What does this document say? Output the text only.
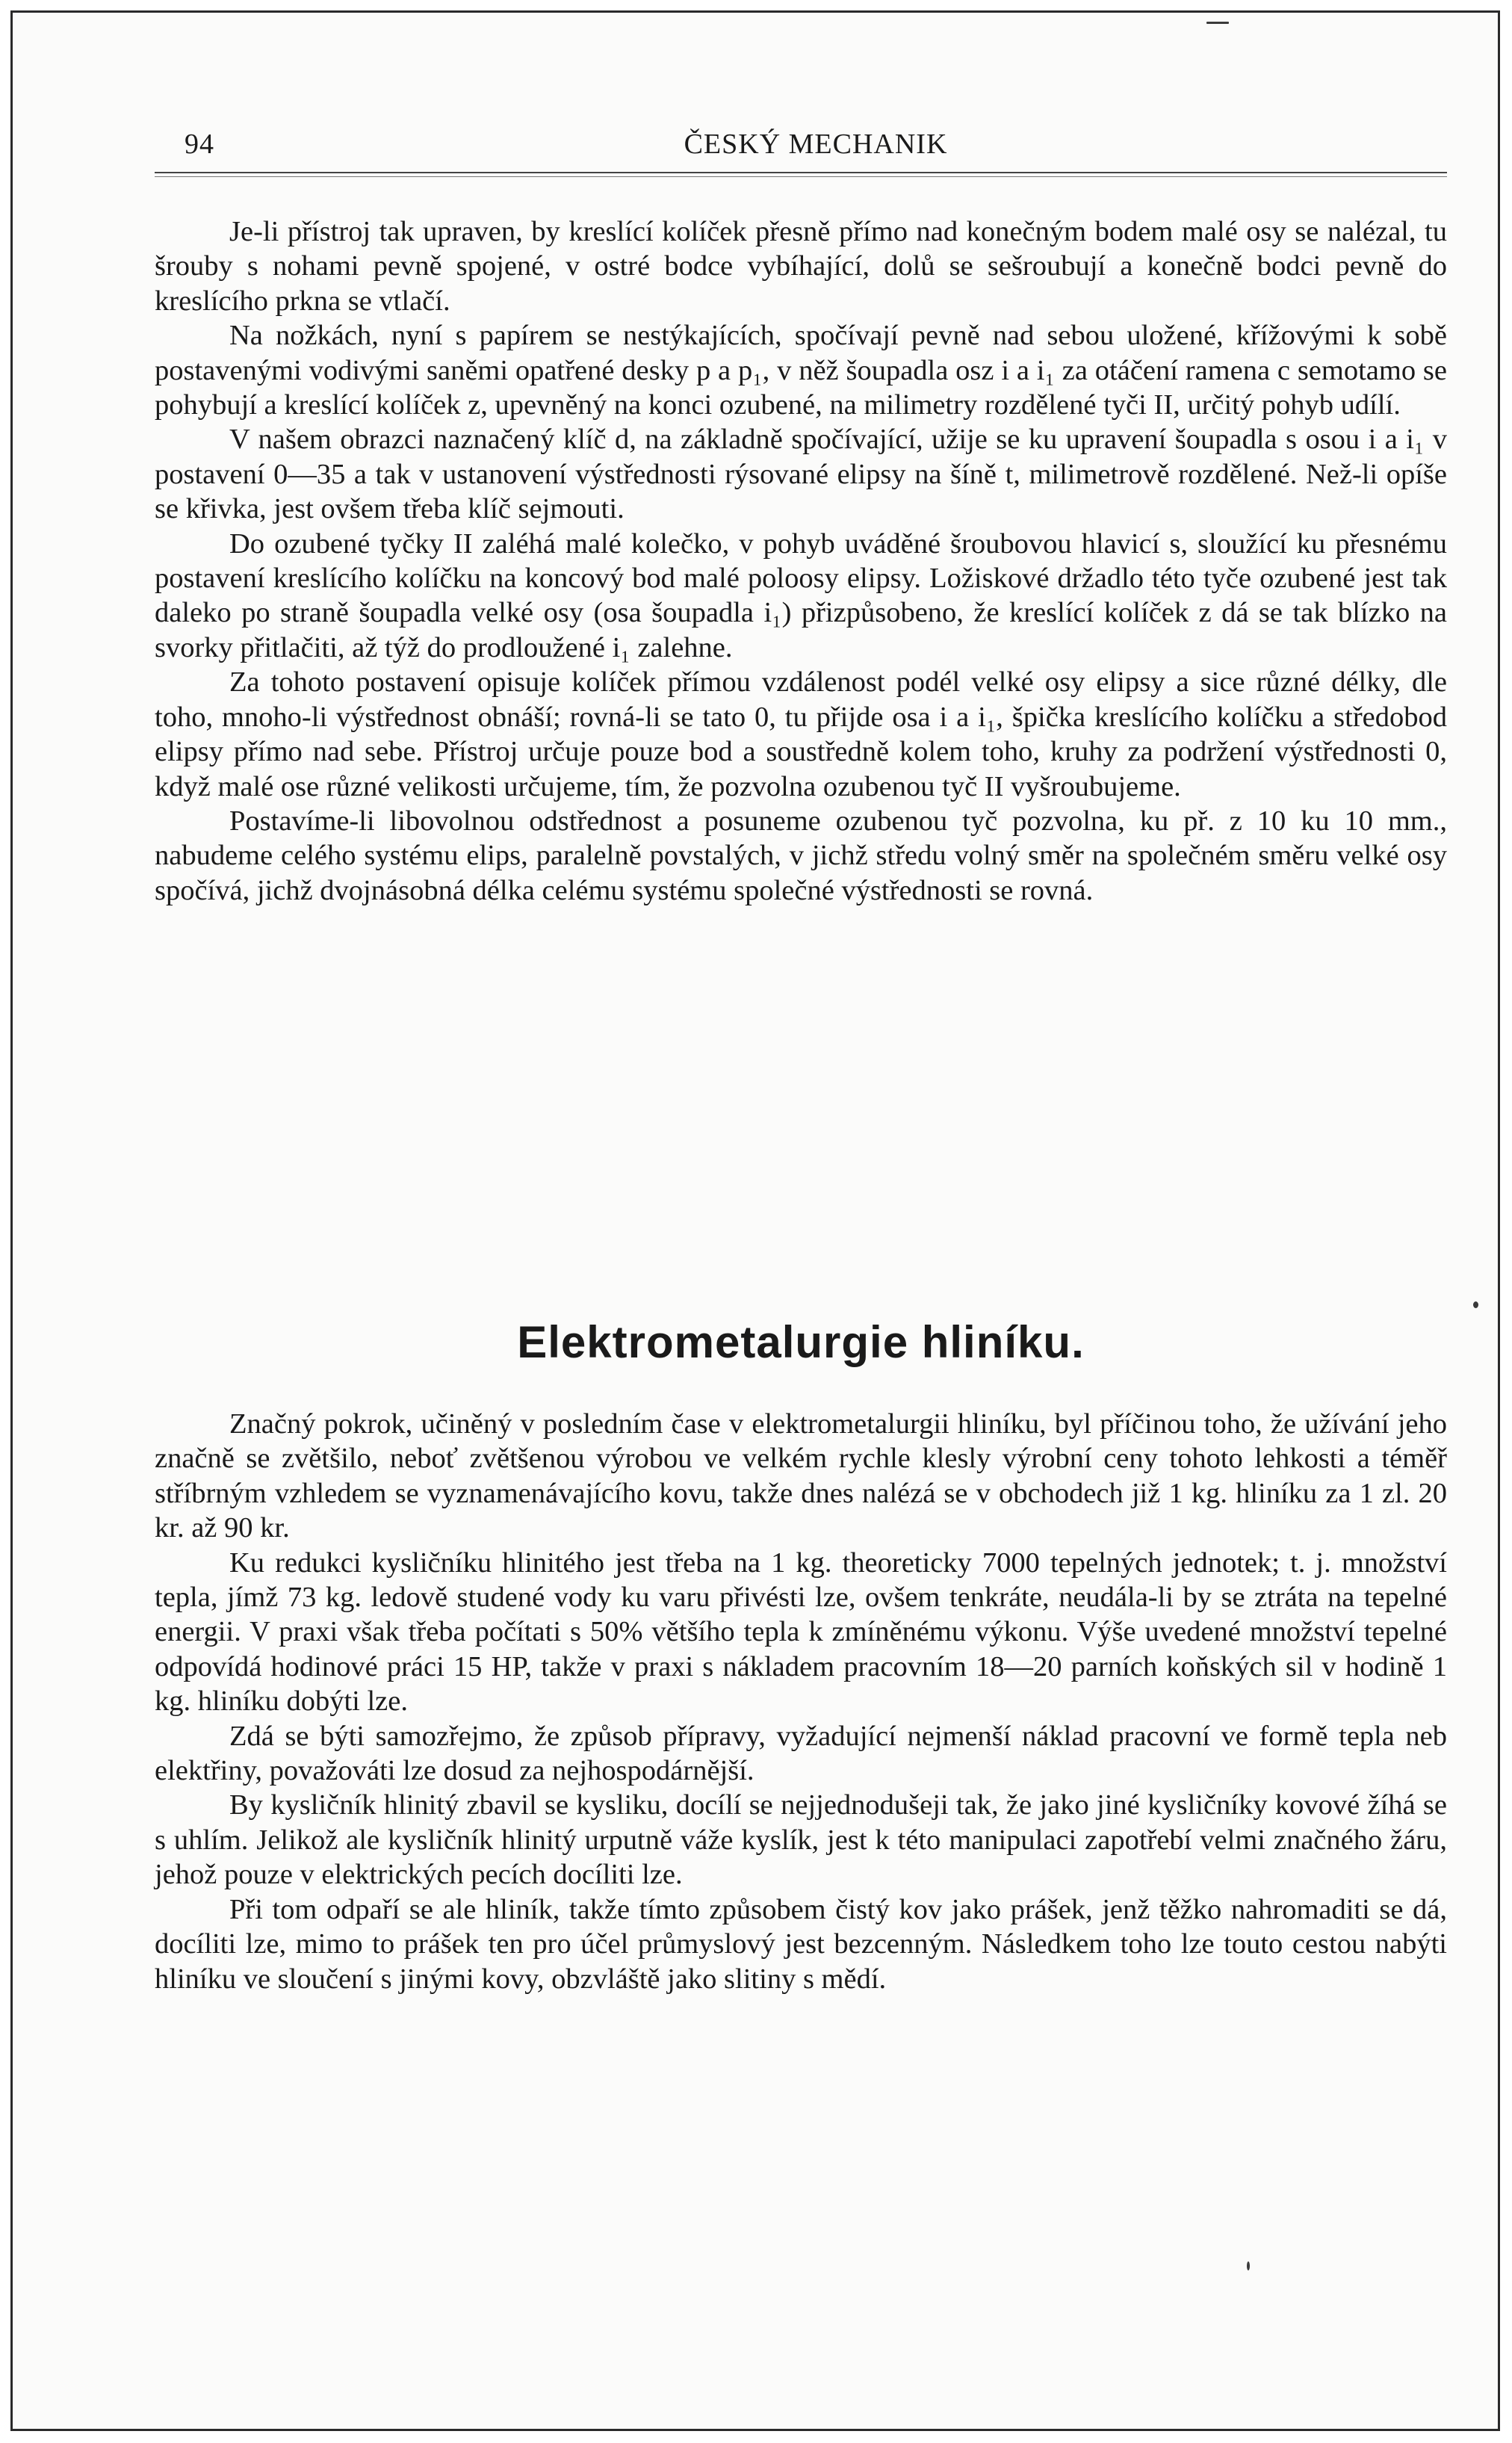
94	ČESKÝ MECHANIK

Je-li přístroj tak upraven, by kreslící kolíček přesně přímo nad konečným bodem malé osy se nalézal, tu šrouby s nohami pevně spojené, v ostré bodce vybíhající, dolů se sešroubují a konečně bodci pevně do kreslícího prkna se vtlačí.

Na nožkách, nyní s papírem se nestýkajících, spočívají pevně nad sebou uložené, křížovými k sobě postavenými vodivými saněmi opatřené desky p a p₁, v něž šoupadla osz i a i₁ za otáčení ramena c semotamo se pohybují a kreslící kolíček z, upevněný na konci ozubené, na milimetry rozdělené tyči II, určitý pohyb udílí.

V našem obrazci naznačený klíč d, na základně spočívající, užije se ku upravení šoupadla s osou i a i₁ v postavení 0—35 a tak v ustanovení výstřednosti rýsované elipsy na šíně t, milimetrově rozdělené. Než-li opíše se křivka, jest ovšem třeba klíč sejmouti.

Do ozubené tyčky II zaléhá malé kolečko, v pohyb uváděné šroubovou hlavicí s, sloužící ku přesnému postavení kreslícího kolíčku na koncový bod malé poloosy elipsy. Ložiskové držadlo této tyče ozubené jest tak daleko po straně šoupadla velké osy (osa šoupadla i₁) přizpůsobeno, že kreslící kolíček z dá se tak blízko na svorky přitlačiti, až týž do prodloužené i₁ zalehne.

Za tohoto postavení opisuje kolíček přímou vzdálenost podél velké osy elipsy a sice různé délky, dle toho, mnoho-li výstřednost obnáší; rovná-li se tato 0, tu přijde osa i a i₁, špička kreslícího kolíčku a středobod elipsy přímo nad sebe. Přístroj určuje pouze bod a soustředně kolem toho, kruhy za podržení výstřednosti 0, když malé ose různé velikosti určujeme, tím, že pozvolna ozubenou tyč II vyšroubujeme.

Postavíme-li libovolnou odstřednost a posuneme ozubenou tyč pozvolna, ku př. z 10 ku 10 mm., nabudeme celého systému elips, paralelně povstalých, v jichž středu volný směr na společném směru velké osy spočívá, jichž dvojnásobná délka celému systému společné výstřednosti se rovná.

Elektrometalurgie hliníku.

Značný pokrok, učiněný v posledním čase v elektrometalurgii hliníku, byl příčinou toho, že užívání jeho značně se zvětšilo, neboť zvětšenou výrobou ve velkém rychle klesly výrobní ceny tohoto lehkosti a téměř stříbrným vzhledem se vyznamenávajícího kovu, takže dnes nalézá se v obchodech již 1 kg. hliníku za 1 zl. 20 kr. až 90 kr.

Ku redukci kysličníku hlinitého jest třeba na 1 kg. theoreticky 7000 tepelných jednotek; t. j. množství tepla, jímž 73 kg. ledově studené vody ku varu přivésti lze, ovšem tenkráte, neudála-li by se ztráta na tepelné energii. V praxi však třeba počítati s 50% většího tepla k zmíněnému výkonu. Výše uvedené množství tepelné odpovídá hodinové práci 15 HP, takže v praxi s nákladem pracovním 18—20 parních koňských sil v hodině 1 kg. hliníku dobýti lze.

Zdá se býti samozřejmo, že způsob přípravy, vyžadující nejmenší náklad pracovní ve formě tepla neb elektřiny, považováti lze dosud za nejhospodárnější.

By kysličník hlinitý zbavil se kysliku, docílí se nejjednodušeji tak, že jako jiné kysličníky kovové žíhá se s uhlím. Jelikož ale kysličník hlinitý urputně váže kyslík, jest k této manipulaci zapotřebí velmi značného žáru, jehož pouze v elektrických pecích docíliti lze.

Při tom odpaří se ale hliník, takže tímto způsobem čistý kov jako prášek, jenž těžko nahromaditi se dá, docíliti lze, mimo to prášek ten pro účel průmyslový jest bezcenným. Následkem toho lze touto cestou nabýti hliníku ve sloučení s jinými kovy, obzvláště jako slitiny s mědí.
